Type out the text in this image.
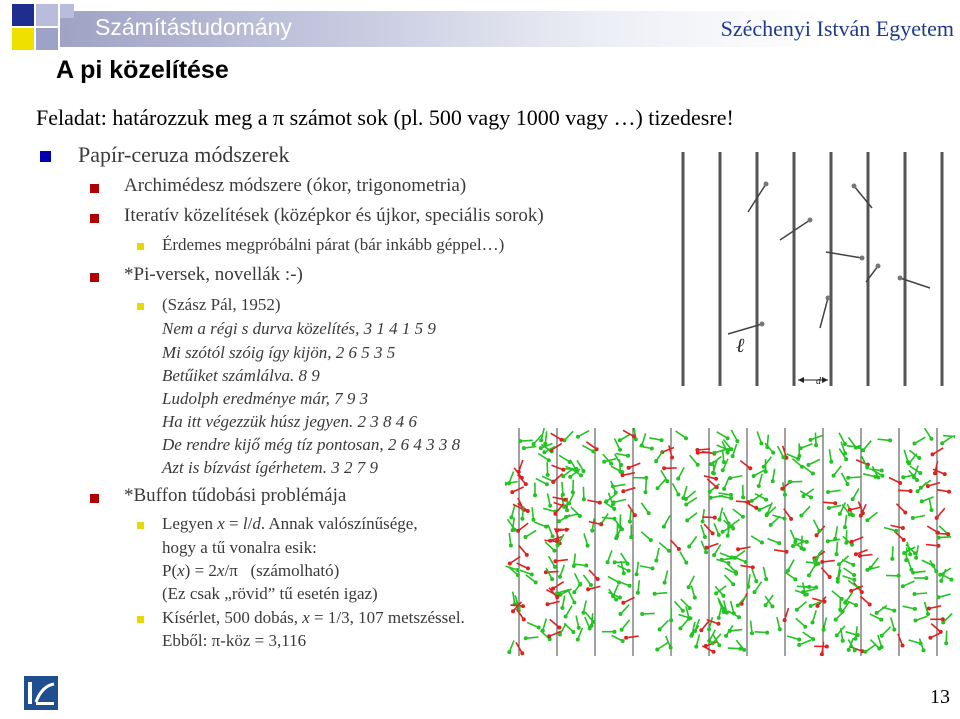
Számítástudomány	Széchenyi István Egyetem
A pi közelítése
Feladat: határozzuk meg a π számot sok (pl. 500 vagy 1000 vagy …) tizedesre!
Papír-ceruza módszerek
Archimédesz módszere (ókor, trigonometria)
Iteratív közelítések (középkor és újkor, speciális sorok)
Érdemes megpróbálni párat (bár inkább géppel…)
*Pi-versek, novellák :-)
(Szász Pál, 1952)
Nem a régi s durva közelítés, 3 1 4 1 5 9
Mi szótól szóig így kijön, 2 6 5 3 5
Betűiket számlálva. 8 9
Ludolph eredménye már, 7 9 3
Ha itt végezzük húsz jegyen. 2 3 8 4 6
De rendre kijő még tíz pontosan, 2 6 4 3 3 8
Azt is bízvást ígérhetem. 3 2 7 9
*Buffon tűdobási problémája
Legyen x = l/d. Annak valószínűsége,
hogy a tű vonalra esik:
P(x) = 2x/π   (számolható)
(Ez csak „rövid” tű esetén igaz)
Kísérlet, 500 dobás, x = 1/3, 107 metszéssel.
Ebből: π-köz = 3,116
ℓ
d
13
